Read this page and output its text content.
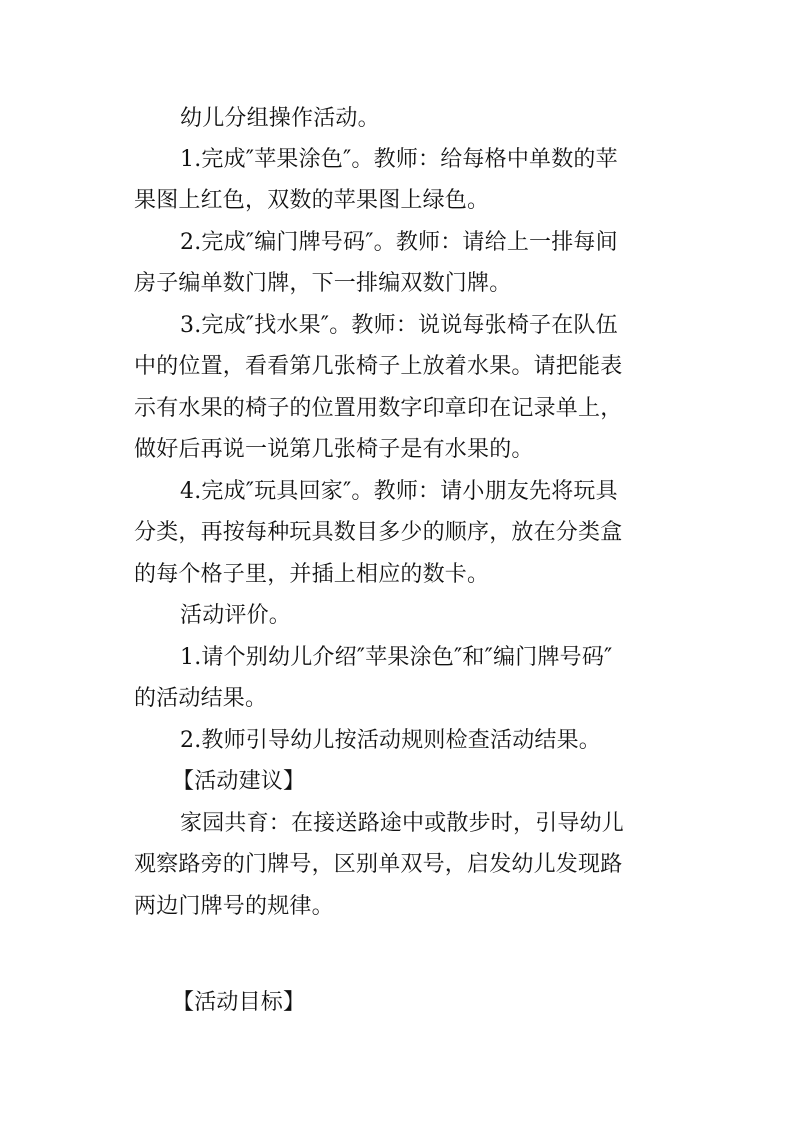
幼儿分组操作活动。
1.完成″苹果涂色″。教师：给每格中单数的苹
果图上红色，双数的苹果图上绿色。
2.完成″编门牌号码″。教师：请给上一排每间
房子编单数门牌，下一排编双数门牌。
3.完成″找水果″。教师：说说每张椅子在队伍
中的位置，看看第几张椅子上放着水果。请把能表
示有水果的椅子的位置用数字印章印在记录单上，
做好后再说一说第几张椅子是有水果的。
4.完成″玩具回家″。教师：请小朋友先将玩具
分类，再按每种玩具数目多少的顺序，放在分类盒
的每个格子里，并插上相应的数卡。
活动评价。
1.请个别幼儿介绍″苹果涂色″和″编门牌号码″
的活动结果。
2.教师引导幼儿按活动规则检查活动结果。
【活动建议】
家园共育：在接送路途中或散步时，引导幼儿
观察路旁的门牌号，区别单双号，启发幼儿发现路
两边门牌号的规律。
【活动目标】
